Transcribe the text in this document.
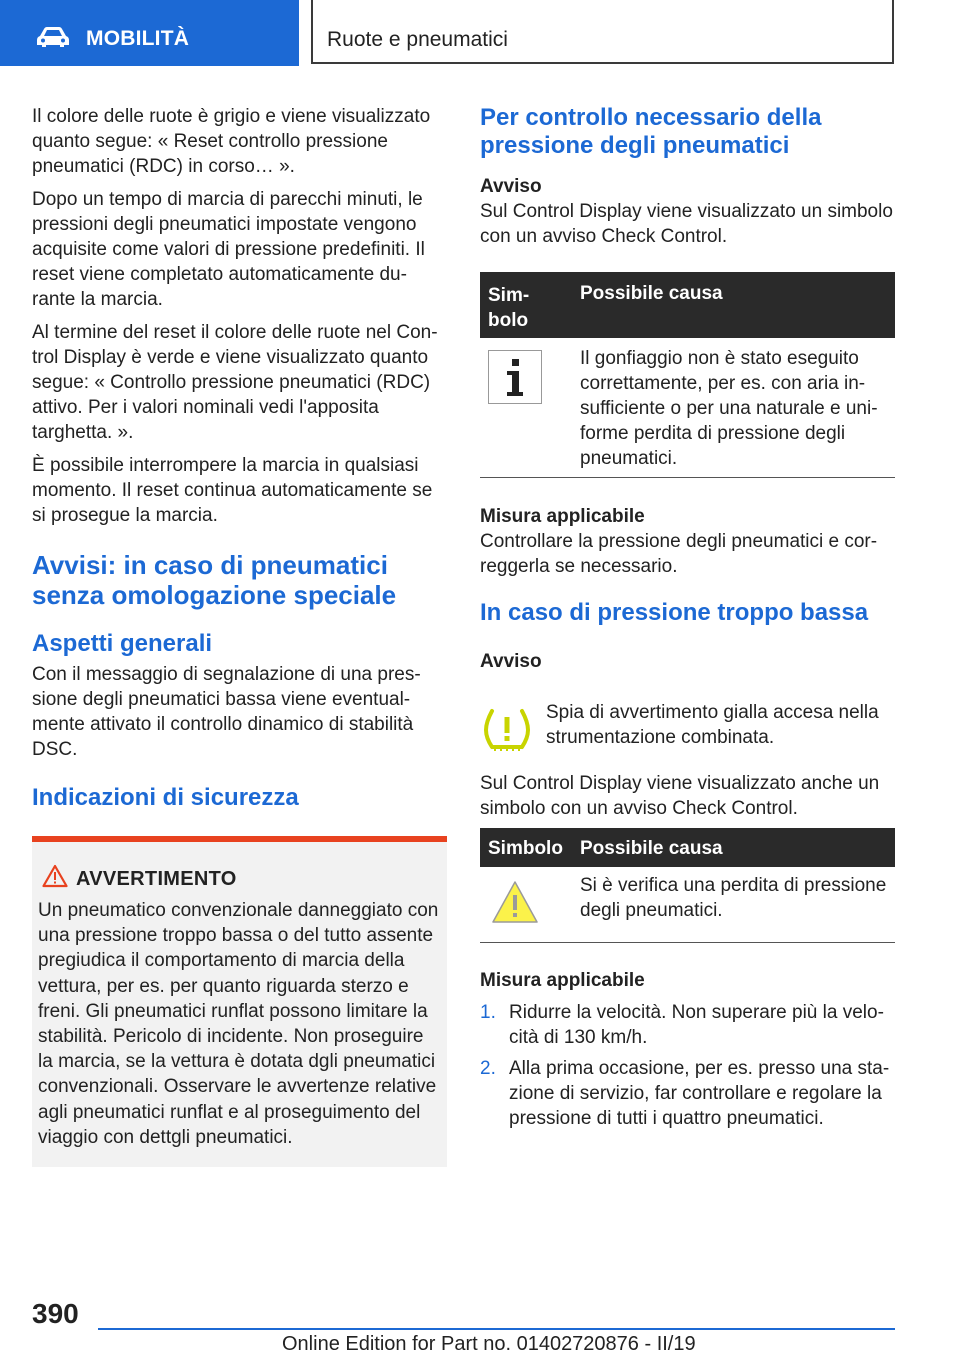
MOBILITÀ	Ruote e pneumatici

Il colore delle ruote è grigio e viene visualizzato quanto segue: « Reset controllo pressione pneumatici (RDC) in corso… ».

Dopo un tempo di marcia di parecchi minuti, le pressioni degli pneumatici impostate vengono acquisite come valori di pressione predefiniti. Il reset viene completato automaticamente du-rante la marcia.

Al termine del reset il colore delle ruote nel Con-trol Display è verde e viene visualizzato quanto segue: « Controllo pressione pneumatici (RDC) attivo. Per i valori nominali vedi l'apposita targhetta. ».

È possibile interrompere la marcia in qualsiasi momento. Il reset continua automaticamente se si prosegue la marcia.

Avvisi: in caso di pneumatici senza omologazione speciale
Aspetti generali

Con il messaggio di segnalazione di una pres-sione degli pneumatici bassa viene eventual-mente attivato il controllo dinamico di stabilità DSC.

Indicazioni di sicurezza
AVVERTIMENTO
Un pneumatico convenzionale danneggiato con una pressione troppo bassa o del tutto assente pregiudica il comportamento di marcia della vettura, per es. per quanto riguarda sterzo e freni. Gli pneumatici runflat possono limitare la stabilità. Pericolo di incidente. Non proseguire la marcia, se la vettura è dotata dgli pneumatici convenzionali. Osservare le avvertenze relative agli pneumatici runflat e al proseguimento del viaggio con dettgli pneumatici.
Per controllo necessario della pressione degli pneumatici
Avviso

Sul Control Display viene visualizzato un simbolo con un avviso Check Control.

Sim-bolo
Possibile causa
Il gonfiaggio non è stato eseguito correttamente, per es. con aria in-sufficiente o per una naturale e uni-forme perdita di pressione degli pneumatici.
Misura applicabile

Controllare la pressione degli pneumatici e cor-reggerla se necessario.

In caso di pressione troppo bassa
Avviso

Spia di avvertimento gialla accesa nella strumentazione combinata.

Sul Control Display viene visualizzato anche un simbolo con un avviso Check Control.

Simbolo Possibile causa
Si è verifica una perdita di pressione degli pneumatici.
Misura applicabile
1. Ridurre la velocità. Non superare più la velo-cità di 130 km/h.
2. Alla prima occasione, per es. presso una sta-zione di servizio, far controllare e regolare la pressione di tutti i quattro pneumatici.
390
Online Edition for Part no. 01402720876 - II/19
